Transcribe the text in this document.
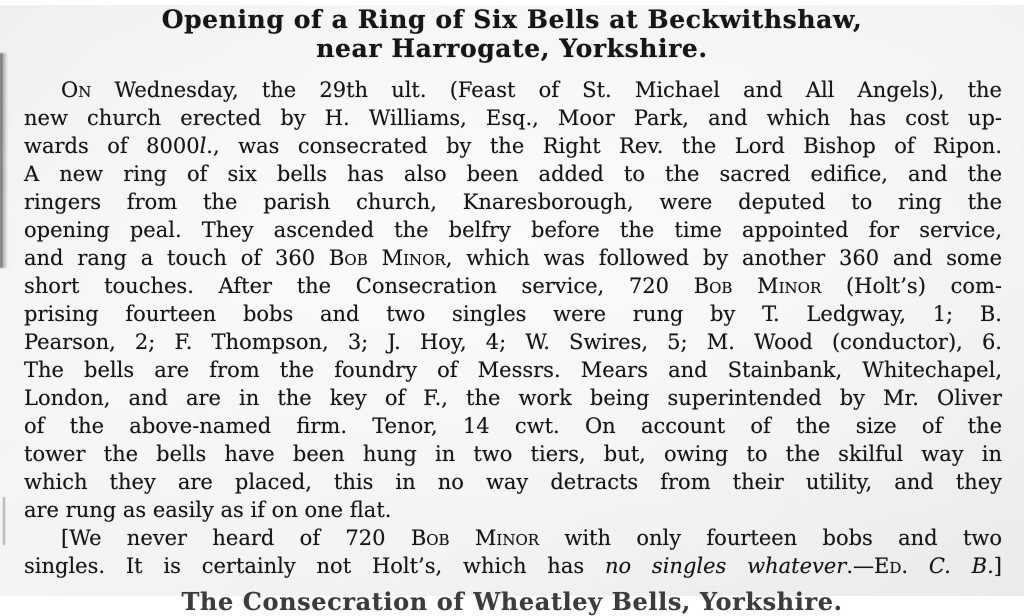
Opening of a Ring of Six Bells at Beckwithshaw,
near Harrogate, Yorkshire.
On Wednesday, the 29th ult. (Feast of St. Michael and All Angels), the
new church erected by H. Williams, Esq., Moor Park, and which has cost up-
wards of 8000l., was consecrated by the Right Rev. the Lord Bishop of Ripon.
A new ring of six bells has also been added to the sacred edifice, and the
ringers from the parish church, Knaresborough, were deputed to ring the
opening peal. They ascended the belfry before the time appointed for service,
and rang a touch of 360 Bob Minor, which was followed by another 360 and some
short touches. After the Consecration service, 720 Bob Minor (Holt’s) com-
prising fourteen bobs and two singles were rung by T. Ledgway, 1; B.
Pearson, 2; F. Thompson, 3; J. Hoy, 4; W. Swires, 5; M. Wood (conductor), 6.
The bells are from the foundry of Messrs. Mears and Stainbank, Whitechapel,
London, and are in the key of F., the work being superintended by Mr. Oliver
of the above-named firm. Tenor, 14 cwt. On account of the size of the
tower the bells have been hung in two tiers, but, owing to the skilful way in
which they are placed, this in no way detracts from their utility, and they
are rung as easily as if on one flat.
[We never heard of 720 Bob Minor with only fourteen bobs and two
singles. It is certainly not Holt’s, which has no singles whatever.—Ed. C. B.]
The Consecration of Wheatley Bells, Yorkshire.
